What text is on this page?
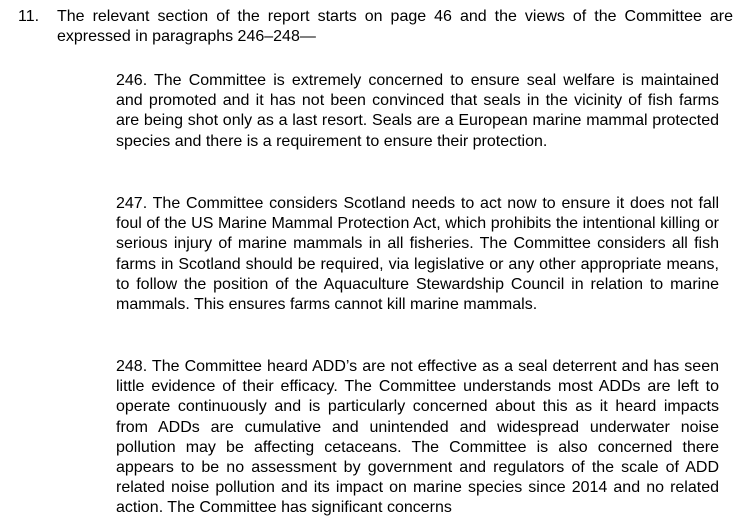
11.	The relevant section of the report starts on page 46 and the views of the Committee are expressed in paragraphs 246–248—

246. The Committee is extremely concerned to ensure seal welfare is maintained and promoted and it has not been convinced that seals in the vicinity of fish farms are being shot only as a last resort. Seals are a European marine mammal protected species and there is a requirement to ensure their protection.

247. The Committee considers Scotland needs to act now to ensure it does not fall foul of the US Marine Mammal Protection Act, which prohibits the intentional killing or serious injury of marine mammals in all fisheries. The Committee considers all fish farms in Scotland should be required, via legislative or any other appropriate means, to follow the position of the Aquaculture Stewardship Council in relation to marine mammals. This ensures farms cannot kill marine mammals.

248. The Committee heard ADD’s are not effective as a seal deterrent and has seen little evidence of their efficacy. The Committee understands most ADDs are left to operate continuously and is particularly concerned about this as it heard impacts from ADDs are cumulative and unintended and widespread underwater noise pollution may be affecting cetaceans. The Committee is also concerned there appears to be no assessment by government and regulators of the scale of ADD related noise pollution and its impact on marine species since 2014 and no related action. The Committee has significant concerns
